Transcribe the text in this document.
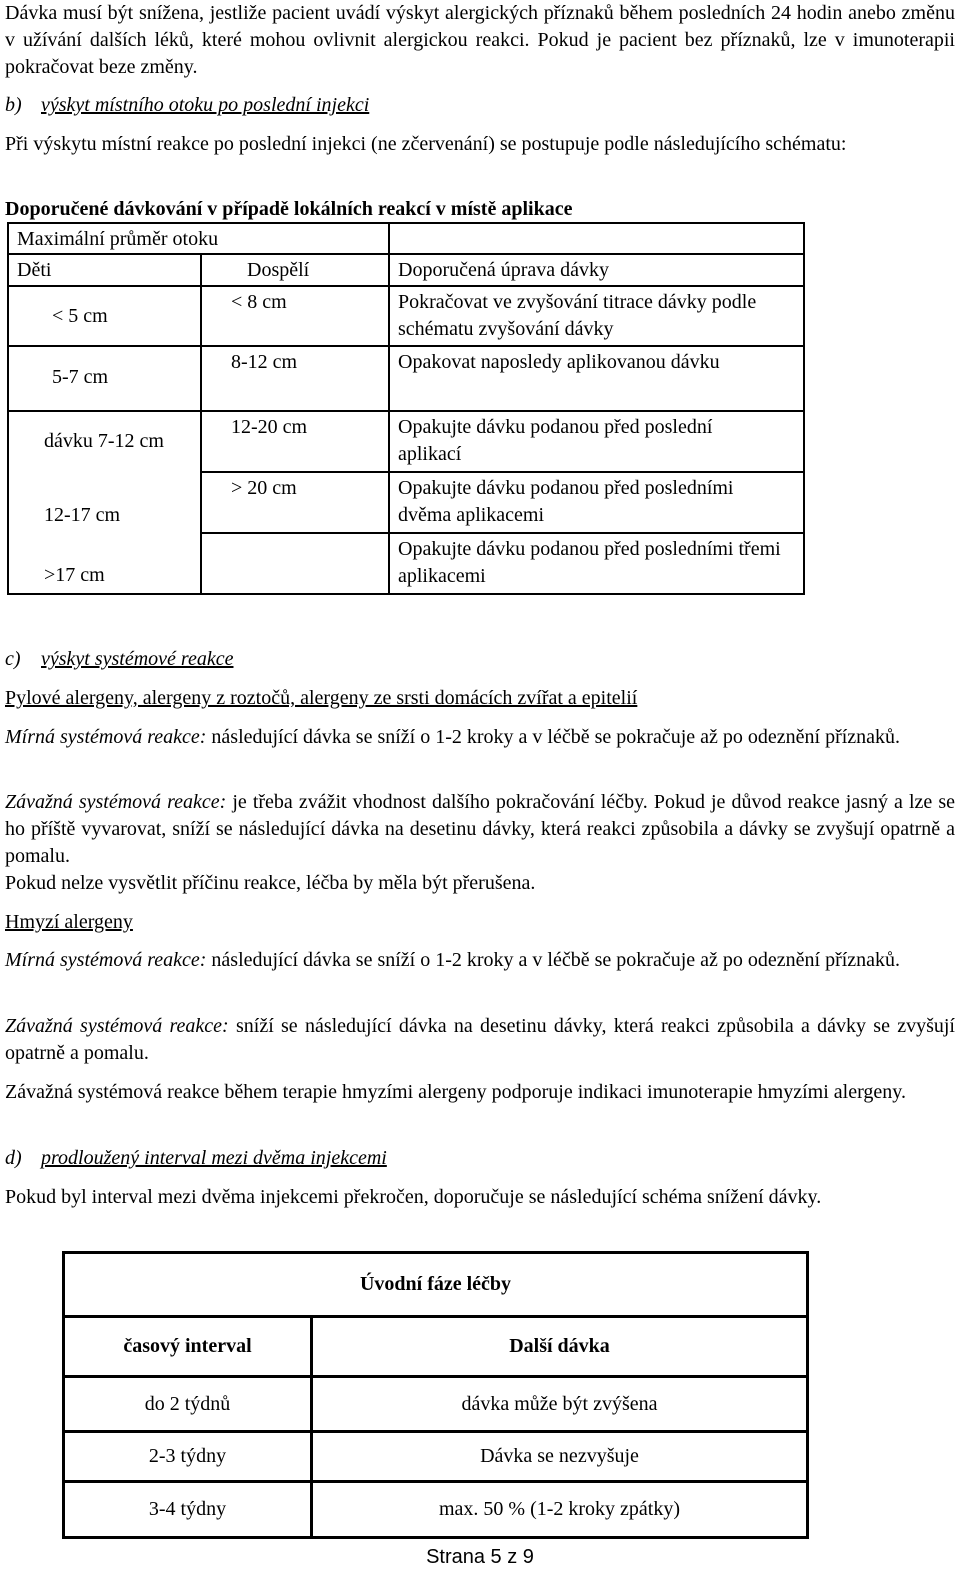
Dávka musí být snížena, jestliže pacient uvádí výskyt alergických příznaků během posledních 24 hodin anebo změnu v užívání dalších léků, které mohou ovlivnit alergickou reakci. Pokud je pacient bez příznaků, lze v imunoterapii pokračovat beze změny.

b) výskyt místního otoku po poslední injekci

Při výskytu místní reakce po poslední injekci (ne zčervenání) se postupuje podle následujícího schématu:

Doporučené dávkování v případě lokálních reakcí v místě aplikace

Maximální průměr otoku		

Děti	Dospělí	Doporučená úprava dávky

< 5 cm	< 8 cm	Pokračovat ve zvyšování titrace dávky podle schématu zvyšování dávky

5-7 cm	8-12 cm	Opakovat naposledy aplikovanou dávku

dávku 7-12 cm	12-20 cm	Opakujte dávku podanou před poslední aplikací

12-17 cm	> 20 cm	Opakujte dávku podanou před posledními dvěma aplikacemi

>17 cm		Opakujte dávku podanou před posledními třemi aplikacemi

c) výskyt systémové reakce

Pylové alergeny, alergeny z roztočů, alergeny ze srsti domácích zvířat a epitelií

Mírná systémová reakce: následující dávka se sníží o 1-2 kroky a v léčbě se pokračuje až po odeznění příznaků.

Závažná systémová reakce: je třeba zvážit vhodnost dalšího pokračování léčby. Pokud je důvod reakce jasný a lze se ho příště vyvarovat, sníží se následující dávka na desetinu dávky, která reakci způsobila a dávky se zvyšují opatrně a pomalu.

Pokud nelze vysvětlit příčinu reakce, léčba by měla být přerušena.

Hmyzí alergeny

Mírná systémová reakce: následující dávka se sníží o 1-2 kroky a v léčbě se pokračuje až po odeznění příznaků.

Závažná systémová reakce: sníží se následující dávka na desetinu dávky, která reakci způsobila a dávky se zvyšují opatrně a pomalu.

Závažná systémová reakce během terapie hmyzími alergeny podporuje indikaci imunoterapie hmyzími alergeny.

d) prodloužený interval mezi dvěma injekcemi

Pokud byl interval mezi dvěma injekcemi překročen, doporučuje se následující schéma snížení dávky.

Úvodní fáze léčby	
časový interval	Další dávka
do 2 týdnů	dávka může být zvýšena
2-3 týdny	Dávka se nezvyšuje
3-4 týdny	max. 50 % (1-2 kroky zpátky)
Strana 5 z 9
